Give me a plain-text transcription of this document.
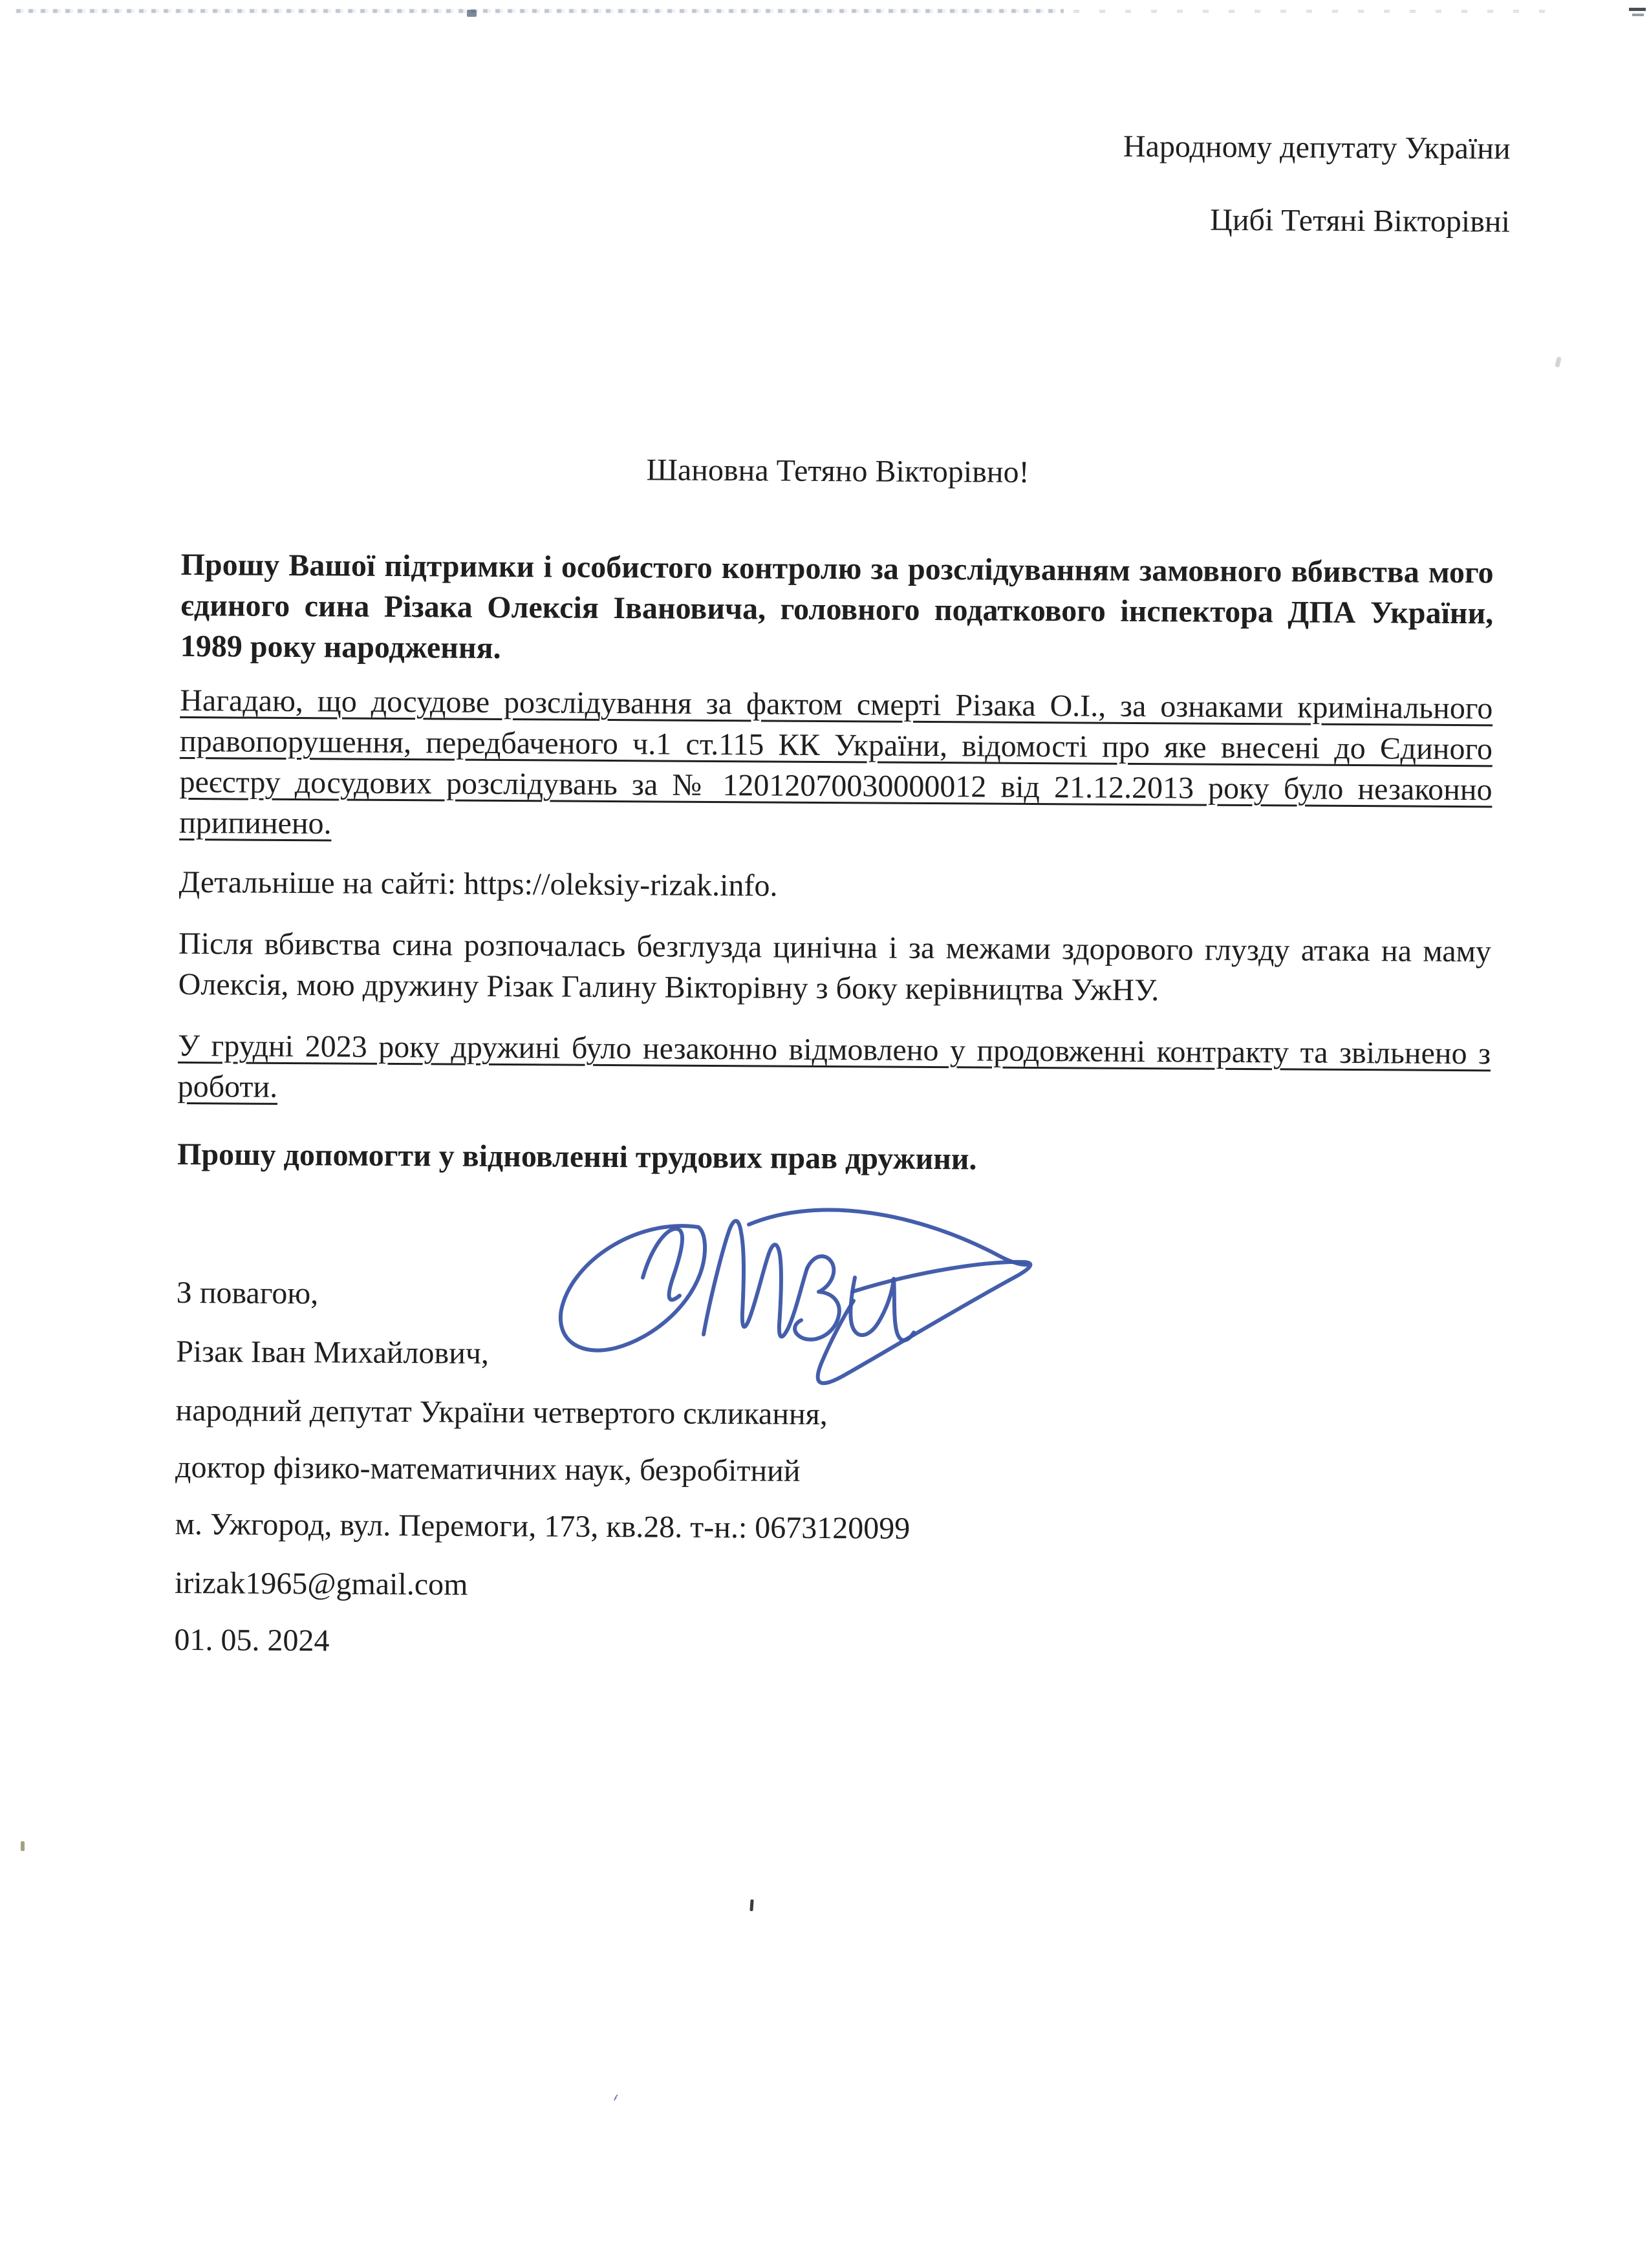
Народному депутату України
Цибі Тетяні Вікторівні
Шановна Тетяно Вікторівно!

Прошу Вашої підтримки і особистого контролю за розслідуванням замовного вбивства мого єдиного сина Різака Олексія Івановича, головного податкового інспектора ДПА України, 1989 року народження.

Нагадаю, що досудове розслідування за фактом смерті Різака О.І., за ознаками кримінального правопорушення, передбаченого ч.1 ст.115 КК України, відомості про яке внесені до Єдиного реєстру досудових розслідувань за № 12012070030000012 від 21.12.2013 року було незаконно припинено.

Детальніше на сайті: https://oleksiy-rizak.info.

Після вбивства сина розпочалась безглузда цинічна і за межами здорового глузду атака на маму Олексія, мою дружину Різак Галину Вікторівну з боку керівництва УжНУ.

У грудні 2023 року дружині було незаконно відмовлено у продовженні контракту та звільнено з роботи.

Прошу допомогти у відновленні трудових прав дружини.

З повагою,
Різак Іван Михайлович,
народний депутат України четвертого скликання,
доктор фізико-математичних наук, безробітний
м. Ужгород, вул. Перемоги, 173, кв.28. т-н.: 0673120099
irizak1965@gmail.com
01. 05. 2024
